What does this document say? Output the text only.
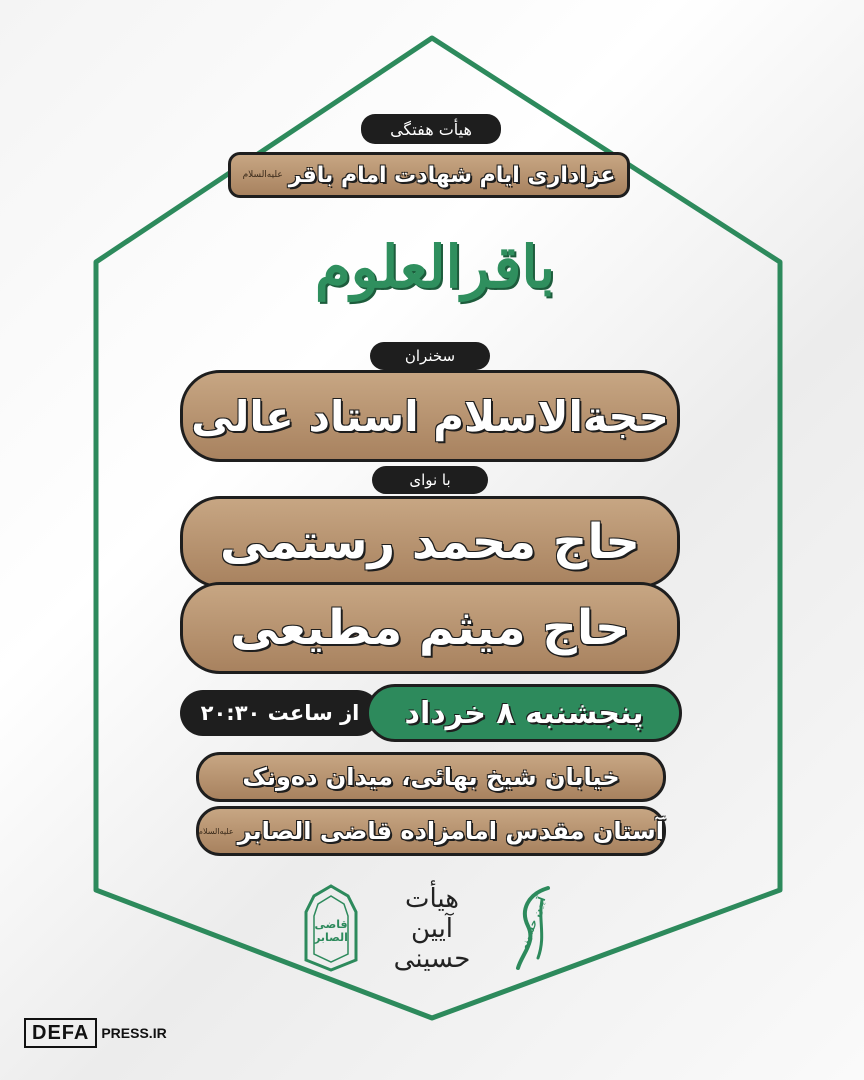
هیأت هفتگی
عزاداری ایام شهادت امام باقر
علیه‌السلام
باقرالعلوم
سخنران
حجة‌الاسلام استاد عالی
با نوای
حاج محمد رستمی
حاج میثم مطیعی
از ساعت ۲۰:۳۰	پنجشنبه ۸ خرداد
خیابان شیخ بهائی، میدان ده‌ونک
آستان مقدس امامزاده قاضی الصابر
علیه‌السلام
قاضی الصابر
هیأت
آیین
حسینی
آیین حسینی
DEFA PRESS.IR
